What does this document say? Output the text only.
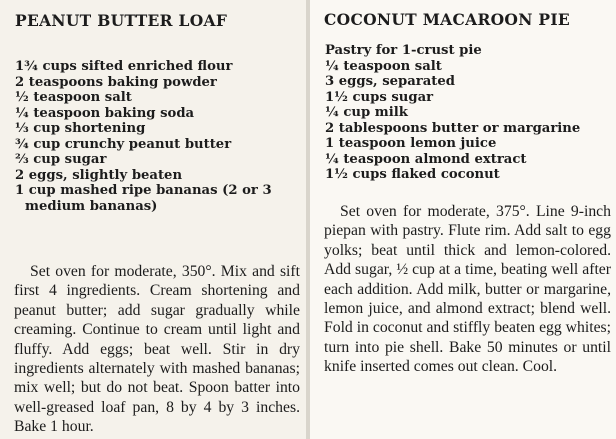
PEANUT BUTTER LOAF
1¾ cups sifted enriched flour
2 teaspoons baking powder
½ teaspoon salt
¼ teaspoon baking soda
⅓ cup shortening
¾ cup crunchy peanut butter
⅔ cup sugar
2 eggs, slightly beaten
1 cup mashed ripe bananas (2 or 3 medium bananas)

Set oven for moderate, 350°. Mix and sift first 4 ingredients. Cream shortening and peanut butter; add sugar gradually while creaming. Continue to cream until light and fluffy. Add eggs; beat well. Stir in dry ingredients alternately with mashed bananas; mix well; but do not beat. Spoon batter into well-greased loaf pan, 8 by 4 by 3 inches. Bake 1 hour.

COCONUT MACAROON PIE
Pastry for 1-crust pie
¼ teaspoon salt
3 eggs, separated
1½ cups sugar
¼ cup milk
2 tablespoons butter or margarine
1 teaspoon lemon juice
¼ teaspoon almond extract
1½ cups flaked coconut

Set oven for moderate, 375°. Line 9-inch piepan with pastry. Flute rim. Add salt to egg yolks; beat until thick and lemon-colored. Add sugar, ½ cup at a time, beating well after each addition. Add milk, butter or margarine, lemon juice, and almond extract; blend well. Fold in coconut and stiffly beaten egg whites; turn into pie shell. Bake 50 minutes or until knife inserted comes out clean. Cool.
